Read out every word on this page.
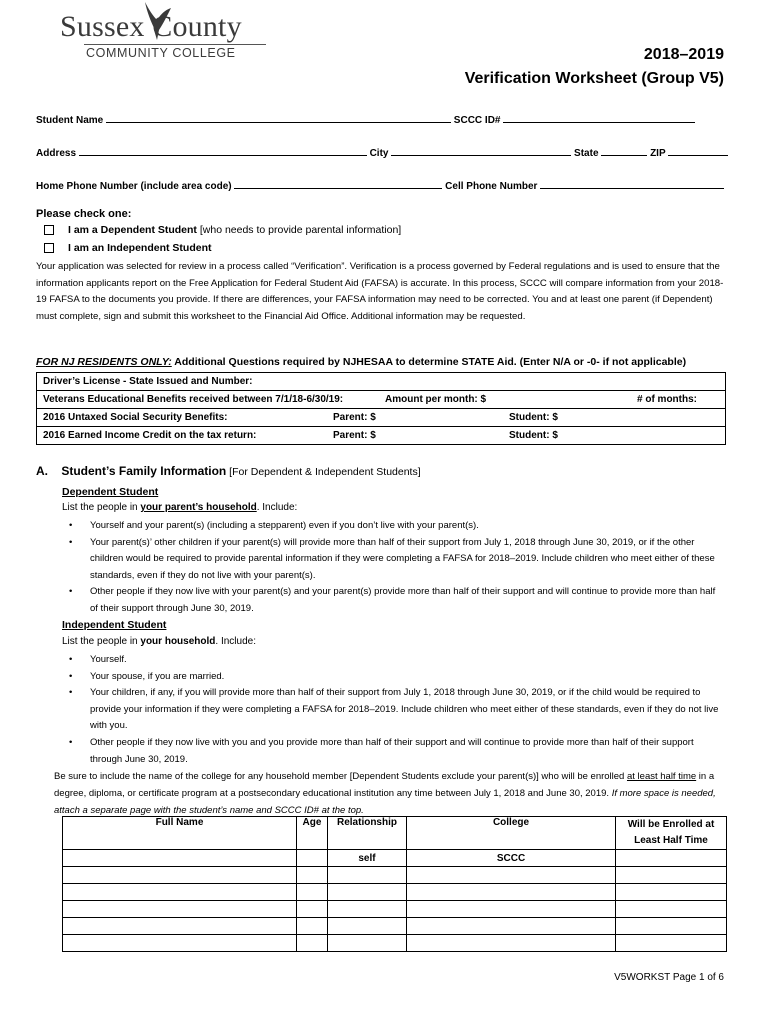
Sussex County
COMMUNITY COLLEGE	2018–2019
Verification Worksheet (Group V5)
Student Name	SCCC ID#
Address	City	State	ZIP
Home Phone Number (include area code)	Cell Phone Number
Please check one:
I am a Dependent Student [who needs to provide parental information]
I am an Independent Student
Your application was selected for review in a process called “Verification”. Verification is a process governed by Federal regulations and is used to ensure that the information applicants report on the Free Application for Federal Student Aid (FAFSA) is accurate. In this process, SCCC will compare information from your 2018-19 FAFSA to the documents you provide. If there are differences, your FAFSA information may need to be corrected. You and at least one parent (if Dependent) must complete, sign and submit this worksheet to the Financial Aid Office. Additional information may be requested.
FOR NJ RESIDENTS ONLY: Additional Questions required by NJHESAA to determine STATE Aid. (Enter N/A or -0- if not applicable)
Driver’s License - State Issued and Number:		
Veterans Educational Benefits received between 7/1/18-6/30/19:	Amount per month: $	# of months:
2016 Untaxed Social Security Benefits:	Parent: $	Student: $
2016 Earned Income Credit on the tax return:	Parent: $	Student: $
A. Student’s Family Information [For Dependent & Independent Students]
Dependent Student
List the people in your parent’s household. Include:
• Yourself and your parent(s) (including a stepparent) even if you don’t live with your parent(s).
• Your parent(s)’ other children if your parent(s) will provide more than half of their support from July 1, 2018 through June 30, 2019, or if the other children would be required to provide parental information if they were completing a FAFSA for 2018–2019. Include children who meet either of these standards, even if they do not live with your parent(s).
• Other people if they now live with your parent(s) and your parent(s) provide more than half of their support and will continue to provide more than half of their support through June 30, 2019.
Independent Student
List the people in your household. Include:
• Yourself.
• Your spouse, if you are married.
• Your children, if any, if you will provide more than half of their support from July 1, 2018 through June 30, 2019, or if the child would be required to provide your information if they were completing a FAFSA for 2018–2019. Include children who meet either of these standards, even if they do not live with you.
• Other people if they now live with you and you provide more than half of their support and will continue to provide more than half of their support through June 30, 2019.
Be sure to include the name of the college for any household member [Dependent Students exclude your parent(s)] who will be enrolled at least half time in a degree, diploma, or certificate program at a postsecondary educational institution any time between July 1, 2018 and June 30, 2019. If more space is needed, attach a separate page with the student’s name and SCCC ID# at the top.
Full Name	Age	Relationship	College	Will be Enrolled at Least Half Time
		self	SCCC	

V5WORKST Page 1 of 6
